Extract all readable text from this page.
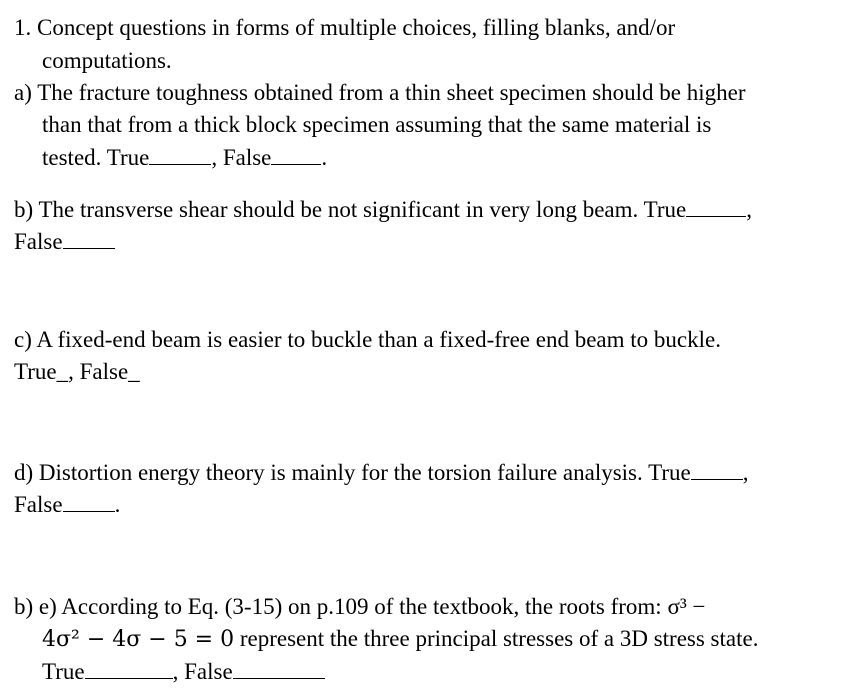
1. Concept questions in forms of multiple choices, filling blanks, and/or
computations.
a) The fracture toughness obtained from a thin sheet specimen should be higher
than that from a thick block specimen assuming that the same material is
tested. True	, False .
b) The transverse shear should be not significant in very long beam. True	,
False
c) A fixed-end beam is easier to buckle than a fixed-free end beam to buckle.
True_, False_
d) Distortion energy theory is mainly for the torsion failure analysis. True ,
False .
b) e) According to Eq. (3-15) on p.109 of the textbook, the roots from: σ³ −
4σ² − 4σ − 5 = 0 represent the three principal stresses of a 3D stress state.
True	, False
